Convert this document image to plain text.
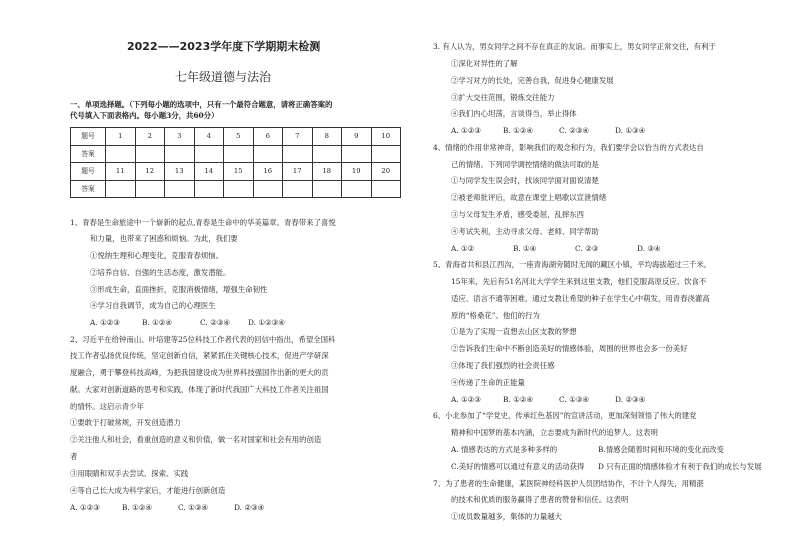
2022——2023学年度下学期期末检测
七年级道德与法治
一、单项选择题。（下列每小题的选项中，只有一个最符合题意，请将正确答案的
代号填入下面表格内。每小题3分，共60分）
题号	1	2	3	4	5	6	7	8	9	10
答案										
题号	11	12	13	14	15	16	17	18	19	20
答案										
1、青春是生命旅途中一个崭新的起点,青春是生命中的华美篇章。青春带来了喜悦
和力量，也带来了困惑和烦恼。为此，我们要
①悦纳生理和心理变化，克服青春烦恼。
②培养自信、自强的生活态度，激发潜能。
③形成生命，直面挫折，克服消极情绪，增强生命韧性
④学习自我调节，成为自己的心理医生
A. ①②③	B. ①②④	C. ②③④ D. ①②③④
2、习近平在给钟南山、叶培建等25位科技工作者代表的回信中指出，希望全国科
技工作者弘扬优良传统，坚定创新自信，紧紧抓住关键核心技术，促进产学研深
度融合，勇于攀登科技高峰，为把我国建设成为世界科技强国作出新的更大的贡
献。大家对创新道路的思考和实践，体现了新时代我国广大科技工作者关注祖国
的情怀。这启示青少年
①要敢于打破常规，开发创造潜力
②关注他人和社会，看重创造的意义和价值，做一名对国家和社会有用的创造
者
③用眼睛和双手去尝试、探索、实践
④等自己长大成为科学家后，才能进行创新创造
A. ①②③	B. ①②④	C. ①③④	D. ②③④
3. 有人认为，男女同学之间不存在真正的友谊。而事实上，男女同学正常交往，有利于
①深化对异性的了解
②学习对方的长处，完善自我，促进身心健康发展
③扩大交往范围，锻炼交往能力
④我们内心坦荡，言谈得当，举止得体
A. ①②③	B. ①②④	C. ②③④	D. ①③④
4、情绪的作用非常神奇，影响我们的观念和行为，我们要学会以恰当的方式表达自
己的情绪。下列同学调控情绪的做法可取的是
①与同学发生误会时，找该同学面对面说清楚
②被老师批评后，故意在课堂上唱歌以宣泄情绪
③与父母发生矛盾，感受委屈，乱摔东西
④考试失利，主动寻求父母、老师、同学帮助
A. ①②	B. ①④	C. ②③	D. ③④
5、青海省共和县江西沟，一座青海湖旁随时无闻的藏区小镇，平均海拔超过三千米。
15年来，先后有51名河北大学学生来到这里支教，他们克服高原反应、饮食不
适应、语言不通等困难，通过支教让希望的种子在学生心中萌发，用青春浇灌高
原的“格桑花”。他们的行为
①是为了实现一直想去山区支教的梦想
②告诉我们生命中不断创造美好的情感体验，周围的世界也会多一份美好
③体现了我们强烈的社会责任感
④传递了生命的正能量
A. ①②③	B. ①②④	C. ①③④	D. ②③④
6、小北参加了“学党史，传承红色基因”的宣讲活动，更加深刻领悟了伟大的建党
精神和中国梦的基本内涵，立志要成为新时代的追梦人。这表明
A. 情感表达的方式是多种多样的	B.情感会随着时间和环境的变化而改变
C.美好的情感可以通过有意义的活动获得 D 只有正面的情感体验才有利于我们的成长与发展
7、为了患者的生命健康，某医院神经科医护人员团结协作，不计个人得失，用精湛
的技术和优质的服务赢得了患者的赞誉和信任。这表明
①成员数量越多，集体的力量越大
